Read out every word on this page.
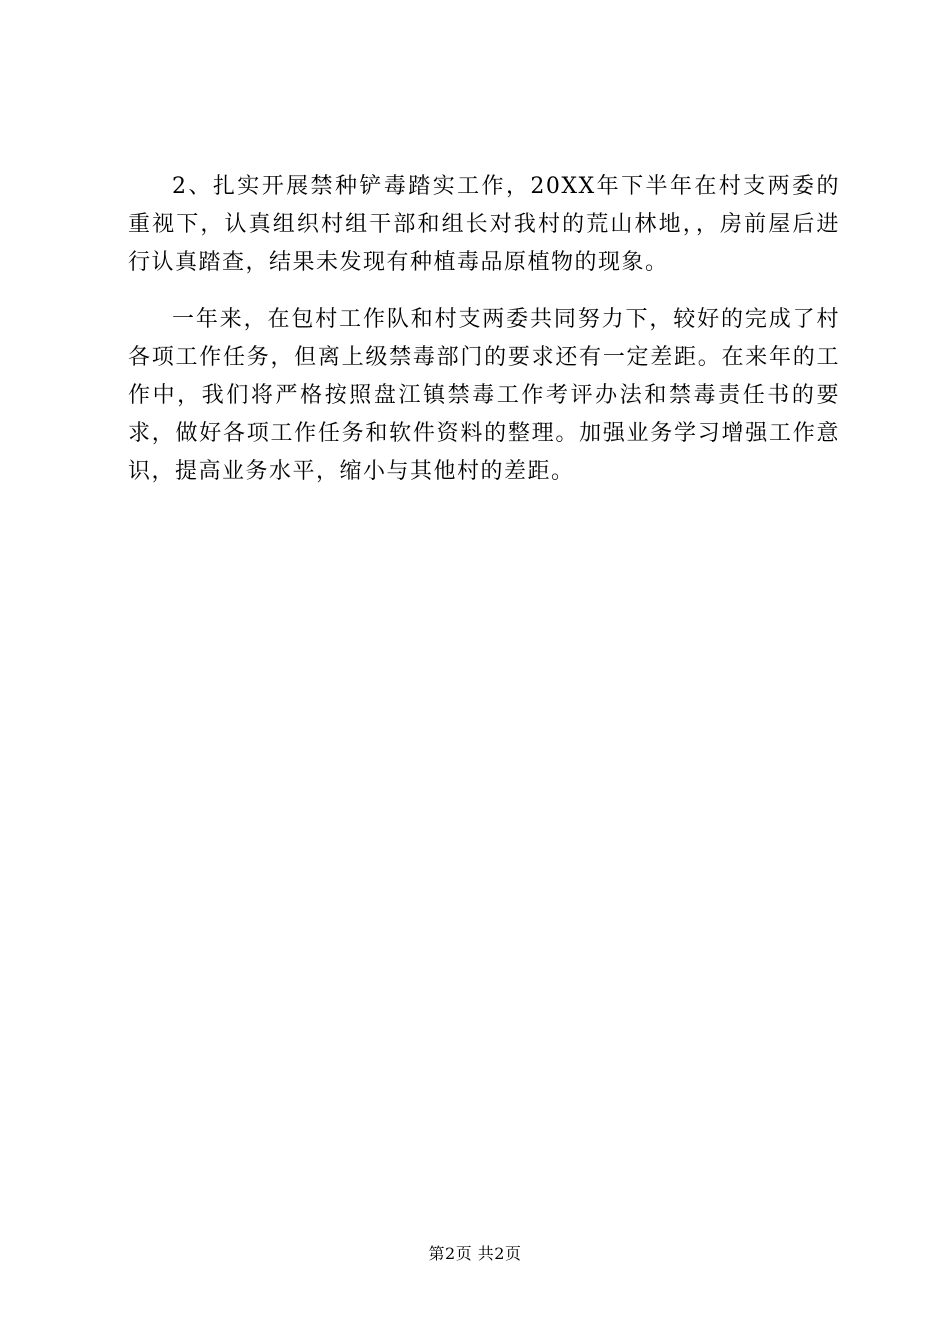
2、扎实开展禁种铲毒踏实工作，20XX年下半年在村支两委的重视下，认真组织村组干部和组长对我村的荒山林地，，房前屋后进行认真踏查，结果未发现有种植毒品原植物的现象。

一年来，在包村工作队和村支两委共同努力下，较好的完成了村各项工作任务，但离上级禁毒部门的要求还有一定差距。在来年的工作中，我们将严格按照盘江镇禁毒工作考评办法和禁毒责任书的要求，做好各项工作任务和软件资料的整理。加强业务学习增强工作意识，提高业务水平，缩小与其他村的差距。

第2页 共2页
